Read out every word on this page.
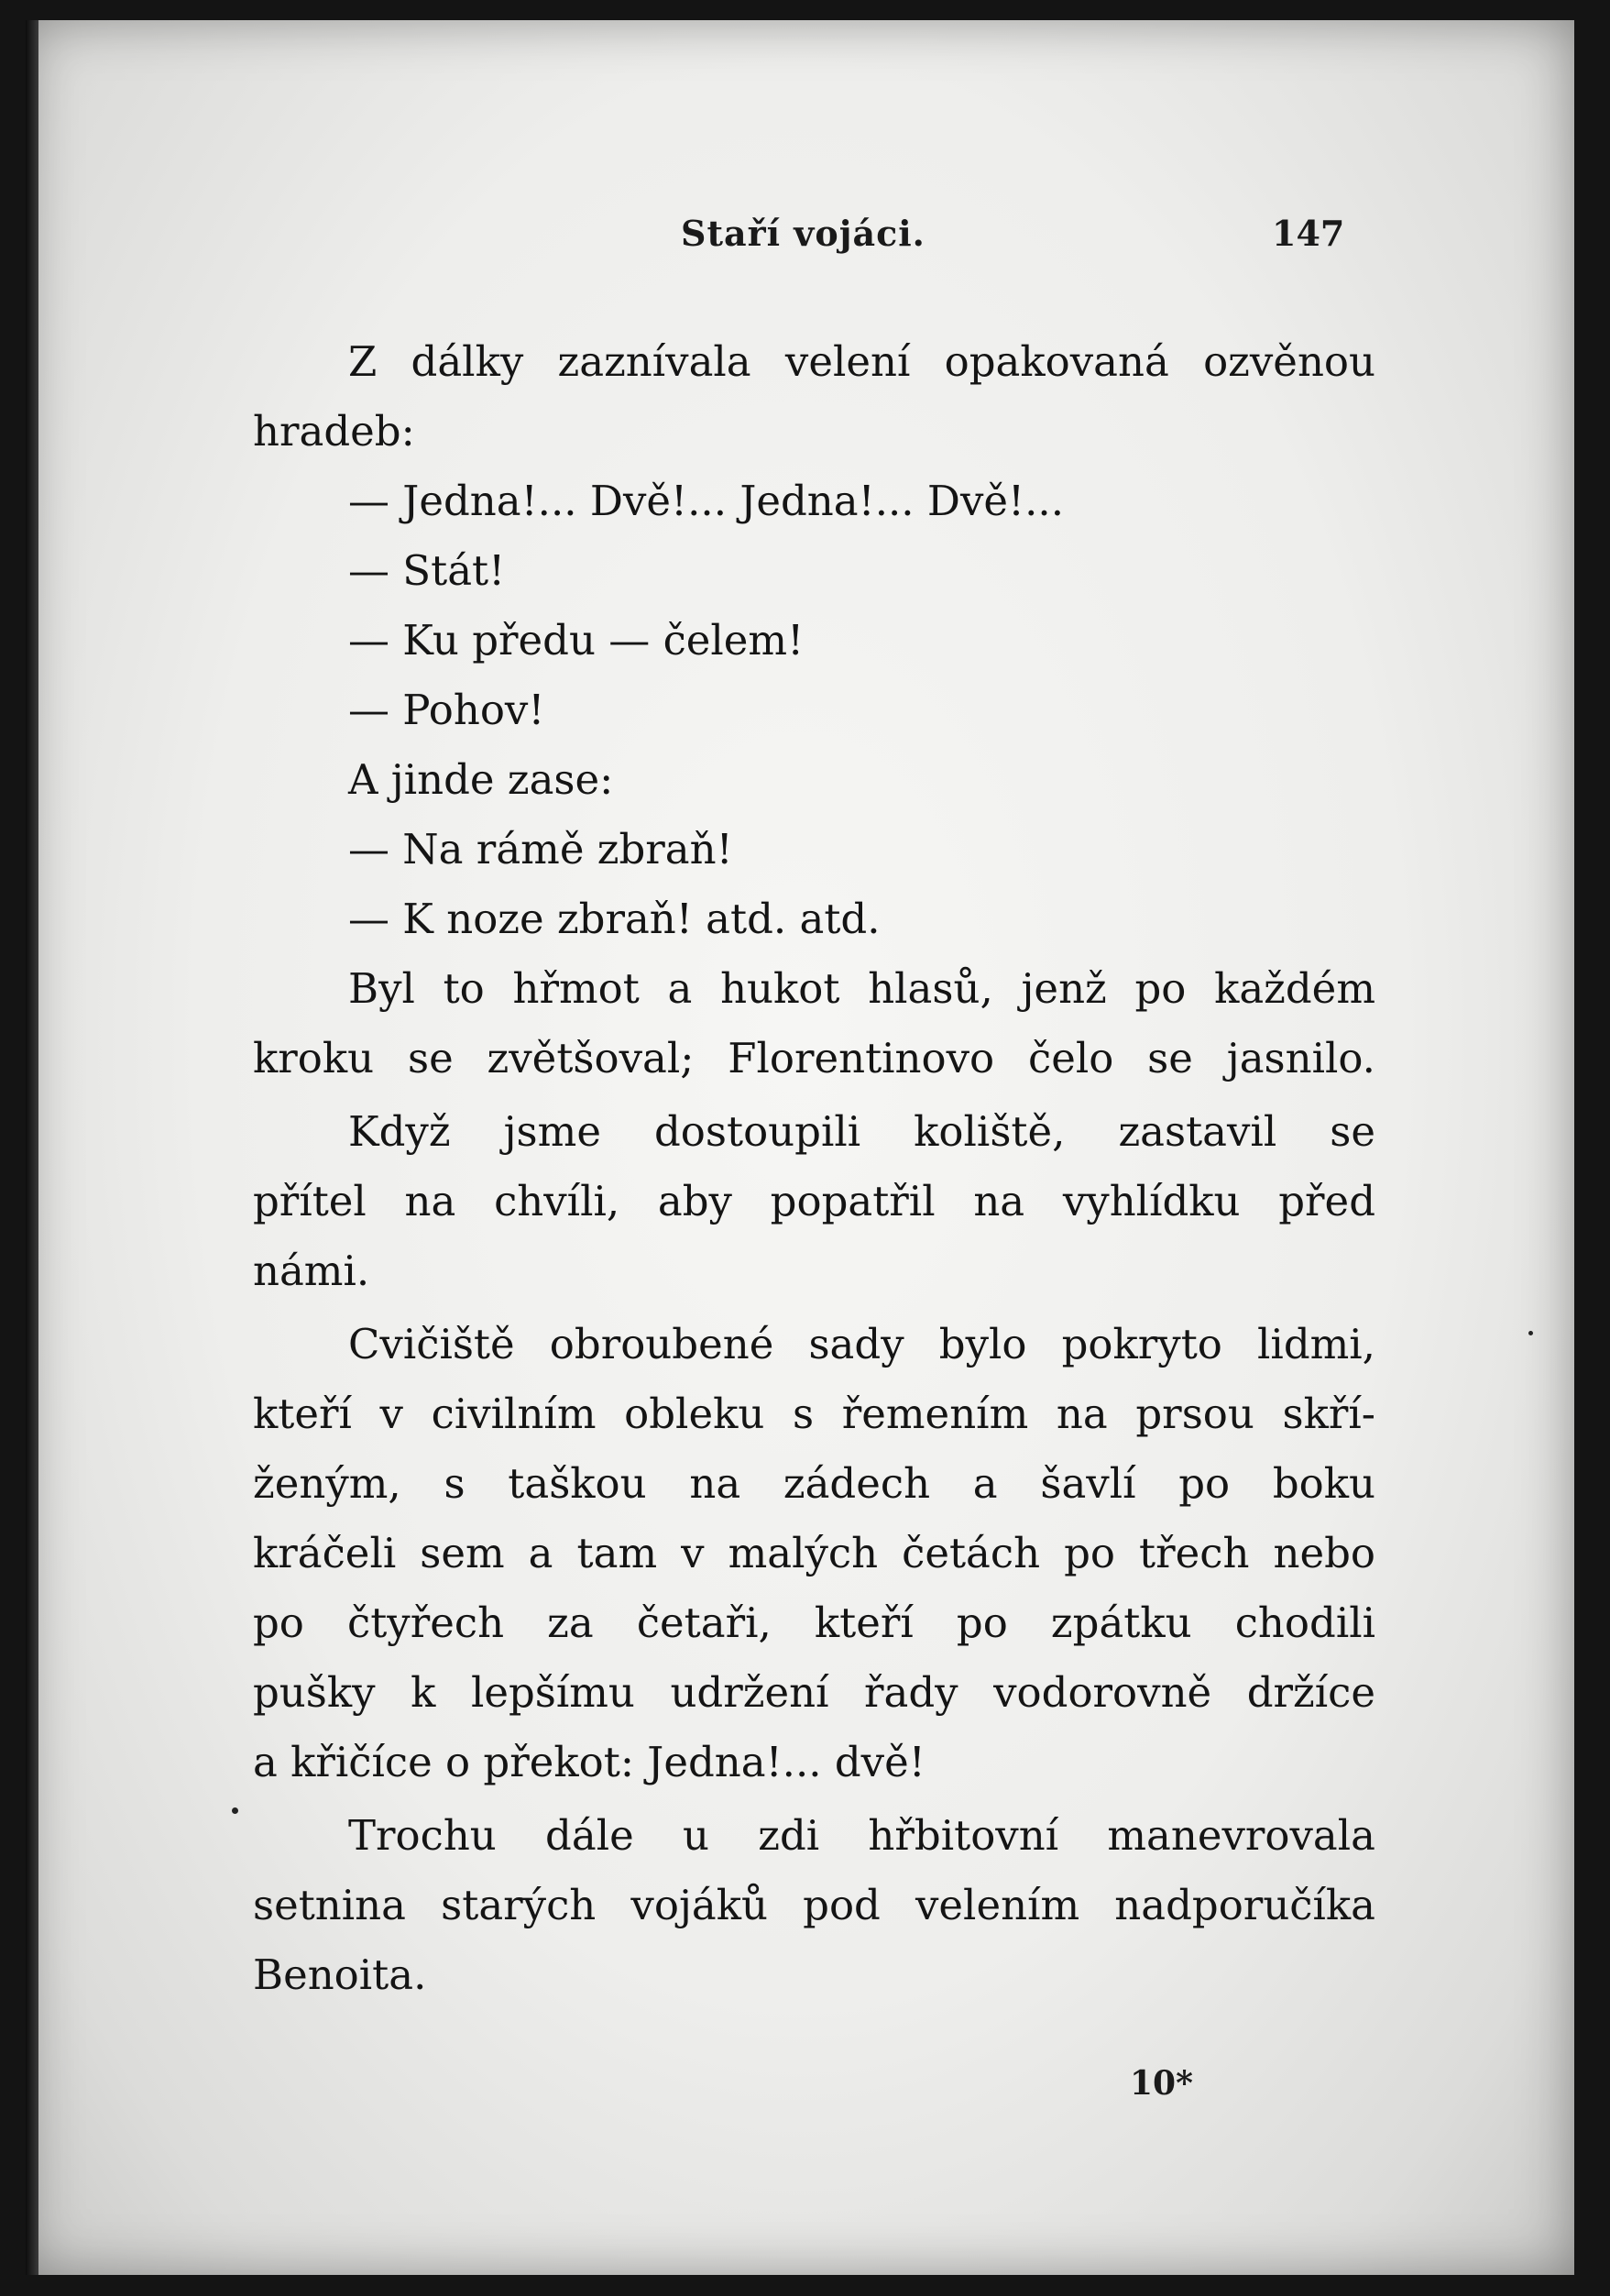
Staří vojáci.	147
Z dálky zaznívala velení opakovaná ozvěnou
hradeb:
— Jedna!... Dvě!... Jedna!... Dvě!...
— Stát!
— Ku předu — čelem!
— Pohov!
A jinde zase:
— Na rámě zbraň!
— K noze zbraň! atd. atd.
Byl to hřmot a hukot hlasů, jenž po každém
kroku se zvětšoval; Florentinovo čelo se jasnilo.
Když jsme dostoupili koliště, zastavil se
přítel na chvíli, aby popatřil na vyhlídku před
námi.
Cvičiště obroubené sady bylo pokryto lidmi,
kteří v civilním obleku s řemením na prsou skří-
ženým, s taškou na zádech a šavlí po boku
kráčeli sem a tam v malých četách po třech nebo
po čtyřech za četaři, kteří po zpátku chodili
pušky k lepšímu udržení řady vodorovně držíce
a křičíce o překot: Jedna!... dvě!
Trochu dále u zdi hřbitovní manevrovala
setnina starých vojáků pod velením nadporučíka
Benoita.
10*
